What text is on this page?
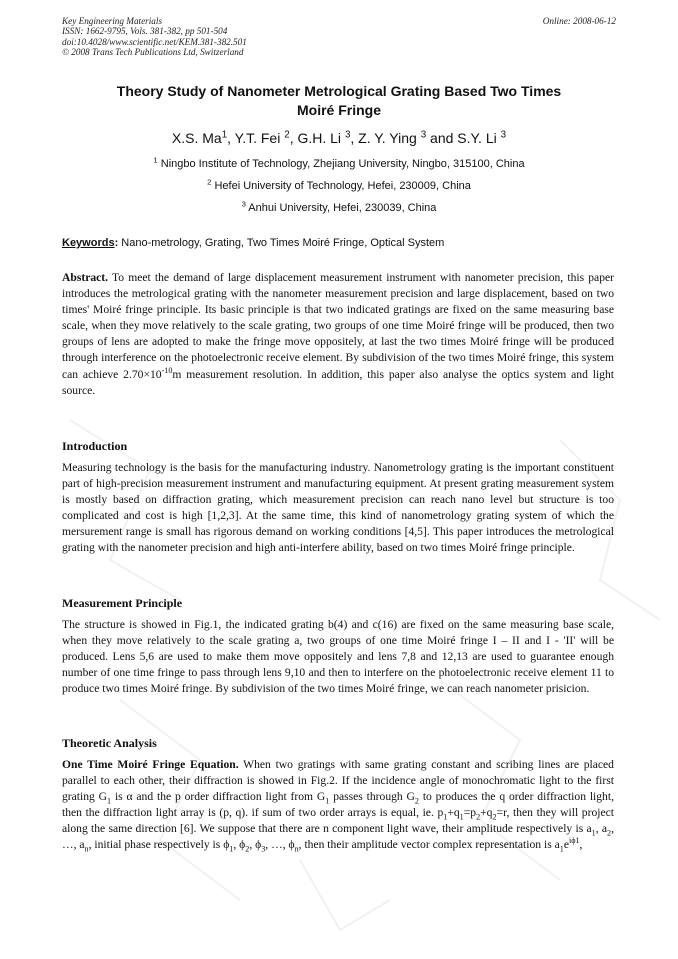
Key Engineering Materials
ISSN: 1662-9795, Vols. 381-382, pp 501-504
doi:10.4028/www.scientific.net/KEM.381-382.501
© 2008 Trans Tech Publications Ltd, Switzerland
Online: 2008-06-12
Theory Study of Nanometer Metrological Grating Based Two Times
Moiré Fringe
X.S. Ma$^1$, Y.T. Fei $^2$, G.H. Li $^3$, Z. Y. Ying $^3$ and S.Y. Li $^3$
$^1$ Ningbo Institute of Technology, Zhejiang University, Ningbo, 315100, China
$^2$ Hefei University of Technology, Hefei, 230009, China
$^3$ Anhui University, Hefei, 230039, China
Keywords: Nano-metrology, Grating, Two Times Moiré Fringe, Optical System
Abstract. To meet the demand of large displacement measurement instrument with nanometer precision, this paper introduces the metrological grating with the nanometer measurement precision and large displacement, based on two times' Moiré fringe principle. Its basic principle is that two indicated gratings are fixed on the same measuring base scale, when they move relatively to the scale grating, two groups of one time Moiré fringe will be produced, then two groups of lens are adopted to make the fringe move oppositely, at last the two times Moiré fringe will be produced through interference on the photoelectronic receive element. By subdivision of the two times Moiré fringe, this system can achieve $2.70\times 10^{-10}m$ measurement resolution. In addition, this paper also analyse the optics system and light source.
Introduction
Measuring technology is the basis for the manufacturing industry. Nanometrology grating is the important constituent part of high-precision measurement instrument and manufacturing equipment. At present grating measurement system is mostly based on diffraction grating, which measurement precision can reach nano level but structure is too complicated and cost is high [1,2,3]. At the same time, this kind of nanometrology grating system of which the mersurement range is small has rigorous demand on working conditions [4,5]. This paper introduces the metrological grating with the nanometer precision and high anti-interfere ability, based on two times Moiré fringe principle.
Measurement Principle
The structure is showed in Fig.1, the indicated grating b(4) and c(16) are fixed on the same measuring base scale, when they move relatively to the scale grating a, two groups of one time Moiré fringe I – II and I - 'II' will be produced. Lens 5,6 are used to make them move oppositely and lens 7,8 and 12,13 are used to guarantee enough number of one time fringe to pass through lens 9,10 and then to interfere on the photoelectronic receive element 11 to produce two times Moiré fringe. By subdivision of the two times Moiré fringe, we can reach nanometer prisicion.
Theoretic Analysis
One Time Moiré Fringe Equation. When two gratings with same grating constant and scribing lines are placed parallel to each other, their diffraction is showed in Fig.2. If the incidence angle of monochromatic light to the first grating $G_1$ is α and the p order diffraction light from $G_1$ passes through $G_2$ to produces the q order diffraction light, then the diffraction light array is (p, q). if sum of two order arrays is equal, ie. $p_1+q_1=p_2+q_2=r$, then they will project along the same direction [6]. We suppose that there are n component light wave, their amplitude respectively is $a_1$, $a_2$, …, $a_n$, initial phase respectively is $\phi_1$, $\phi_2$, $\phi_3$, …, $\phi_n$, then their amplitude vector complex representation is $a_1e^{i\phi 1}$,
